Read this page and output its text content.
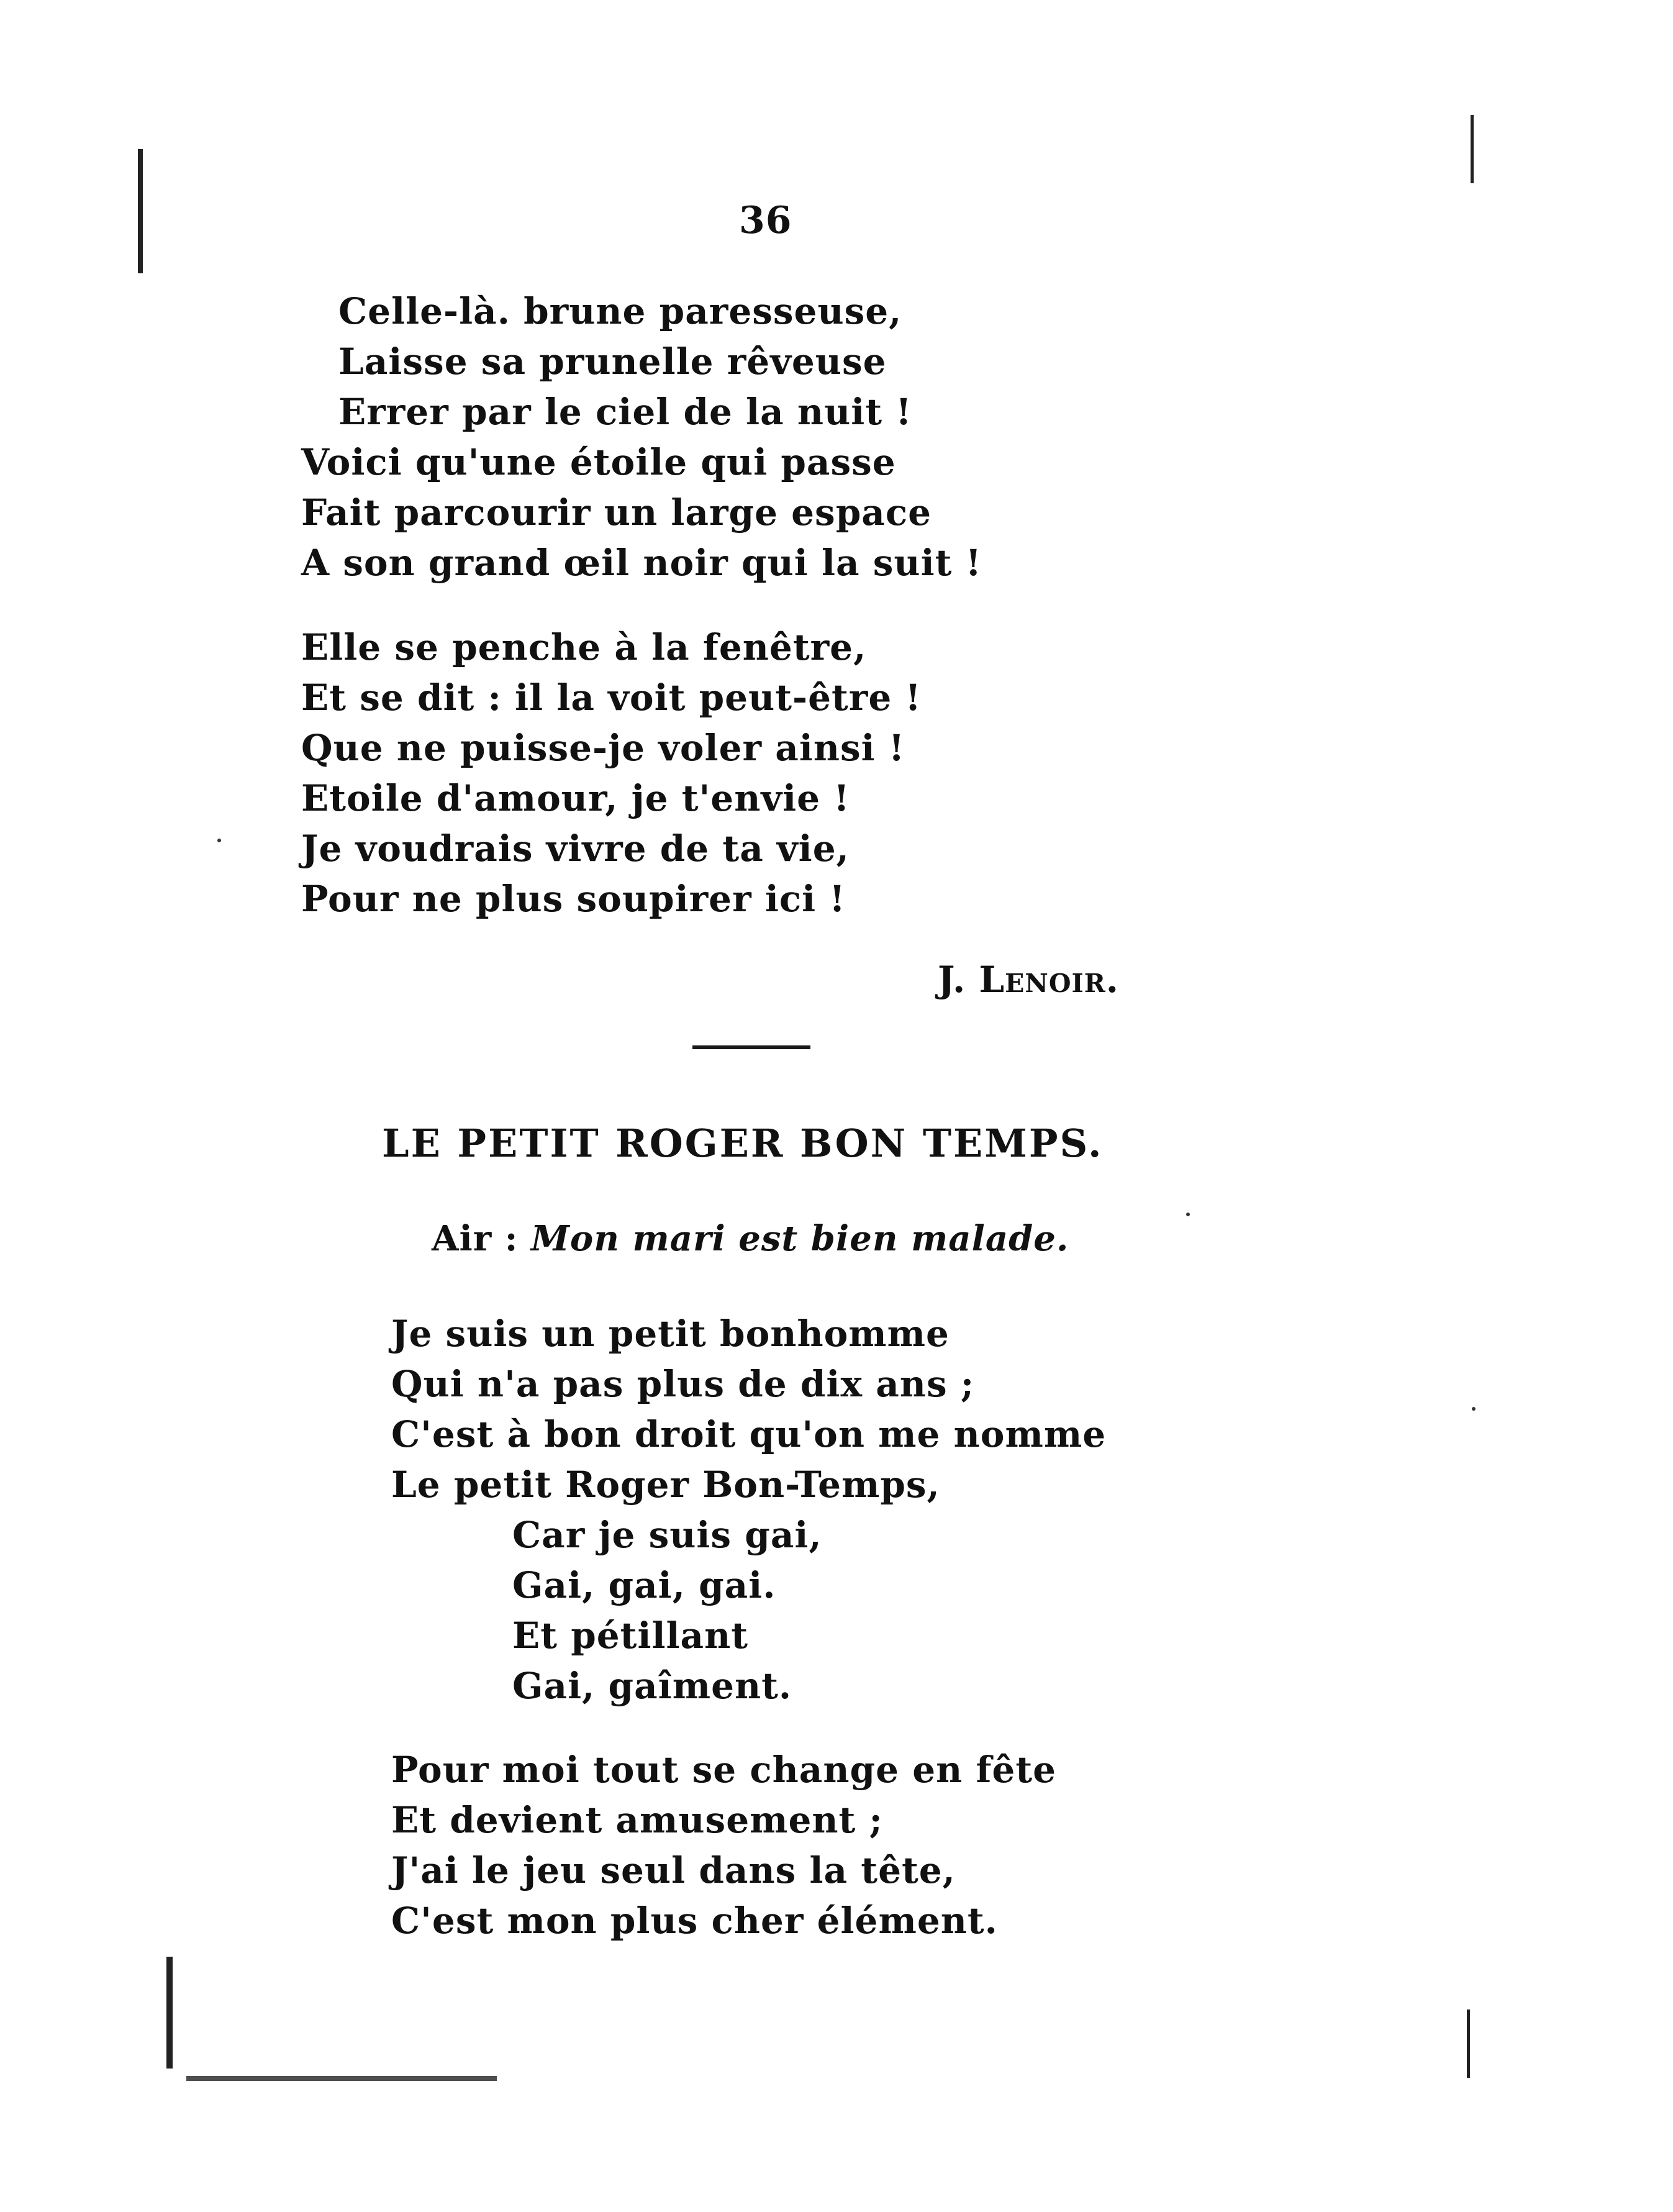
36
Celle-là. brune paresseuse,
Laisse sa prunelle rêveuse
Errer par le ciel de la nuit !
Voici qu'une étoile qui passe
Fait parcourir un large espace
A son grand œil noir qui la suit !
Elle se penche à la fenêtre,
Et se dit : il la voit peut-être !
Que ne puisse-je voler ainsi !
Etoile d'amour, je t'envie !
Je voudrais vivre de ta vie,
Pour ne plus soupirer ici !
J. Lenoir.
LE PETIT ROGER BON TEMPS.
Air : Mon mari est bien malade.
Je suis un petit bonhomme
Qui n'a pas plus de dix ans ;
C'est à bon droit qu'on me nomme
Le petit Roger Bon-Temps,
Car je suis gai,
Gai, gai, gai.
Et pétillant
Gai, gaîment.
Pour moi tout se change en fête
Et devient amusement ;
J'ai le jeu seul dans la tête,
C'est mon plus cher élément.
